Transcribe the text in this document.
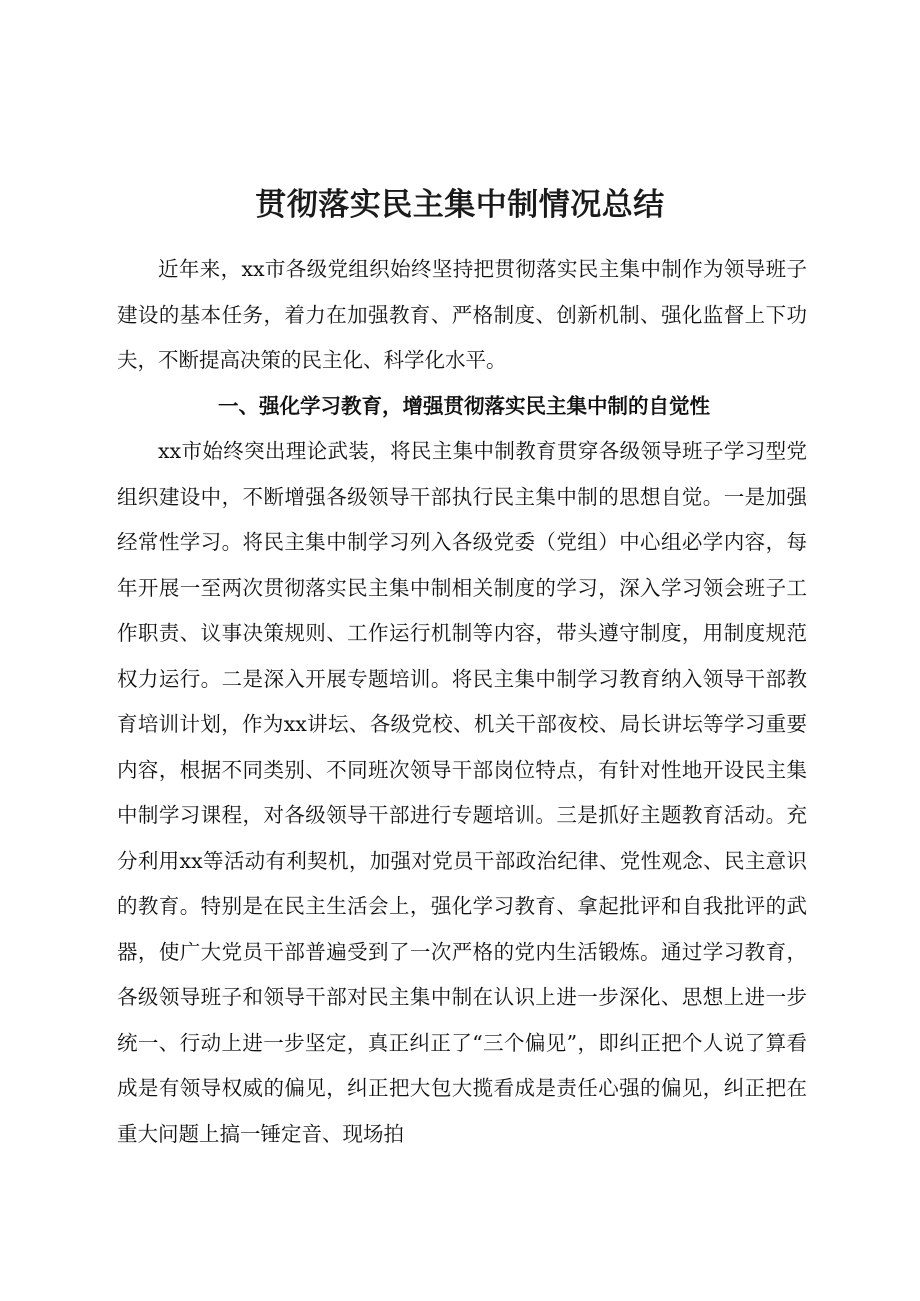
贯彻落实民主集中制情况总结

近年来，xx市各级党组织始终坚持把贯彻落实民主集中制作为领导班子建设的基本任务，着力在加强教育、严格制度、创新机制、强化监督上下功夫，不断提高决策的民主化、科学化水平。

一、强化学习教育，增强贯彻落实民主集中制的自觉性

xx市始终突出理论武装，将民主集中制教育贯穿各级领导班子学习型党组织建设中，不断增强各级领导干部执行民主集中制的思想自觉。一是加强经常性学习。将民主集中制学习列入各级党委（党组）中心组必学内容，每年开展一至两次贯彻落实民主集中制相关制度的学习，深入学习领会班子工作职责、议事决策规则、工作运行机制等内容，带头遵守制度，用制度规范权力运行。二是深入开展专题培训。将民主集中制学习教育纳入领导干部教育培训计划，作为xx讲坛、各级党校、机关干部夜校、局长讲坛等学习重要内容，根据不同类别、不同班次领导干部岗位特点，有针对性地开设民主集中制学习课程，对各级领导干部进行专题培训。三是抓好主题教育活动。充分利用xx等活动有利契机，加强对党员干部政治纪律、党性观念、民主意识的教育。特别是在民主生活会上，强化学习教育、拿起批评和自我批评的武器，使广大党员干部普遍受到了一次严格的党内生活锻炼。通过学习教育，各级领导班子和领导干部对民主集中制在认识上进一步深化、思想上进一步统一、行动上进一步坚定，真正纠正了“三个偏见”，即纠正把个人说了算看成是有领导权威的偏见，纠正把大包大揽看成是责任心强的偏见，纠正把在重大问题上搞一锤定音、现场拍
